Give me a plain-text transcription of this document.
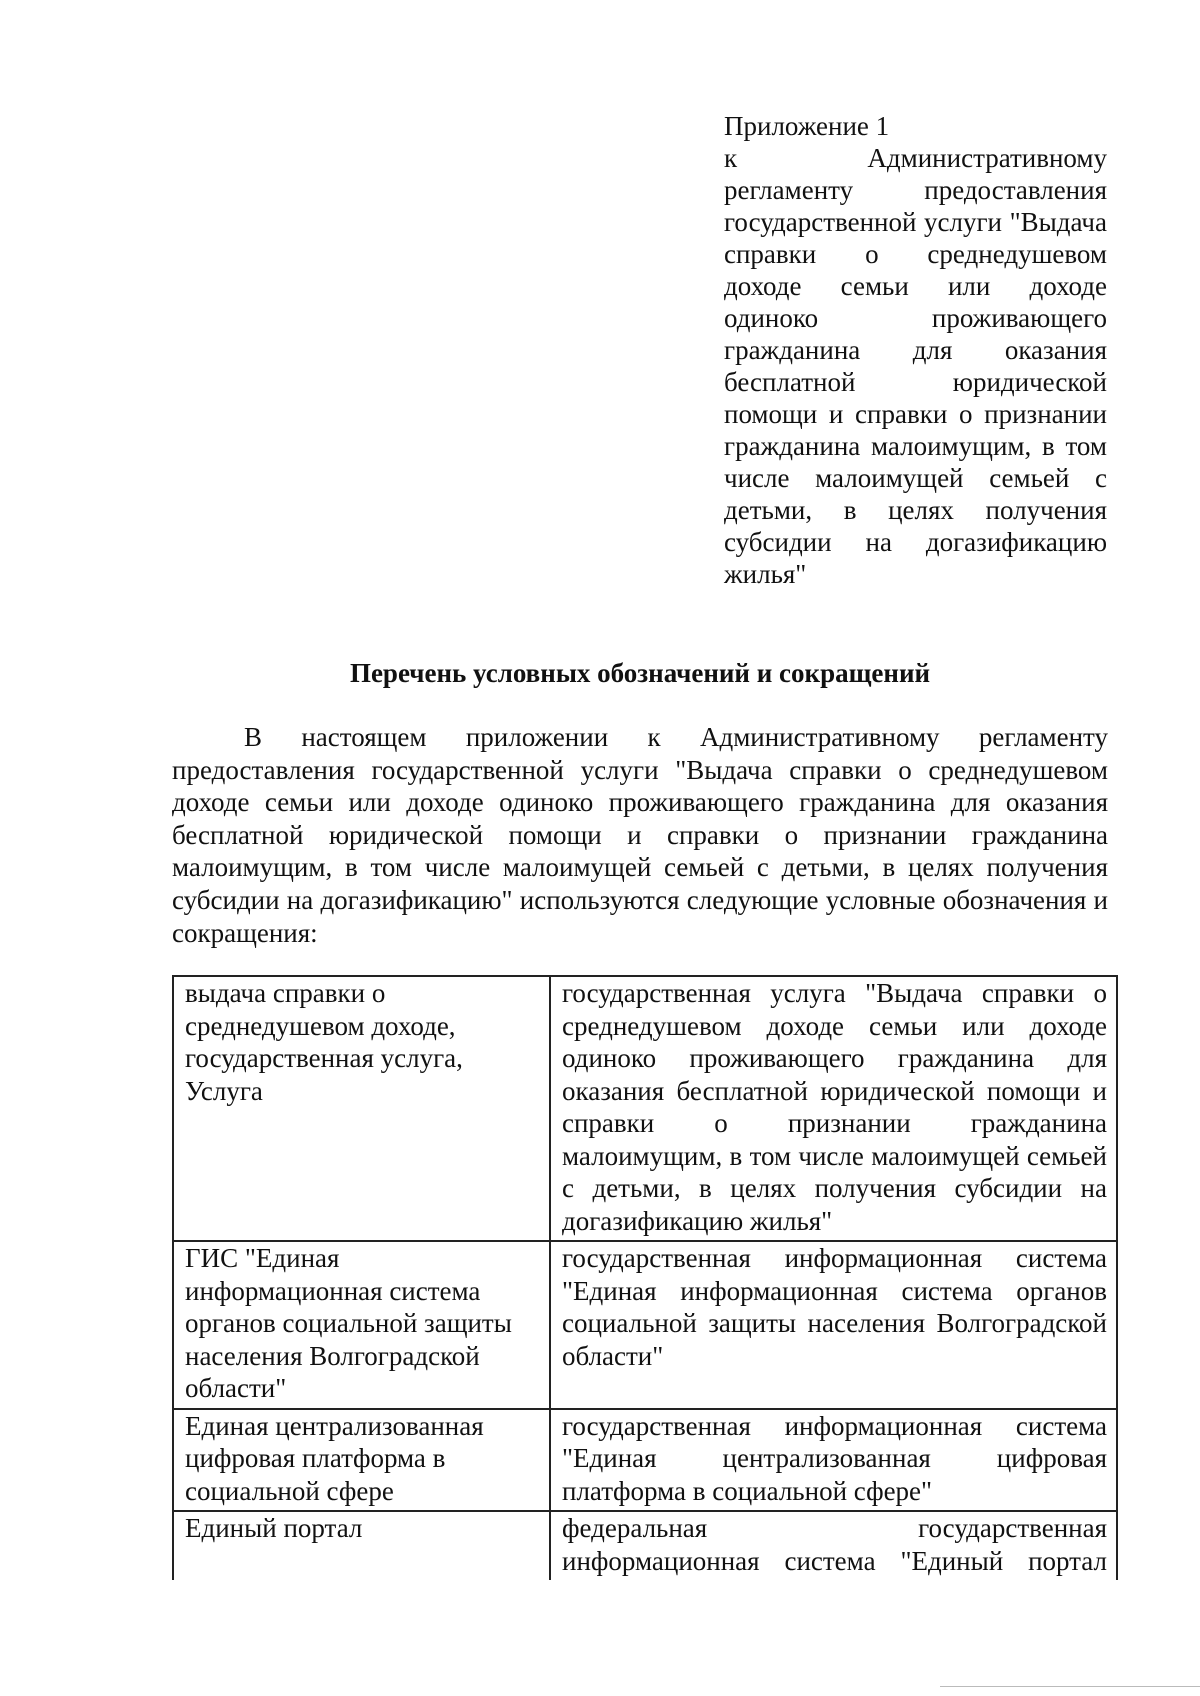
Приложение 1
к Административному регламенту предоставления государственной услуги "Выдача справки о среднедушевом доходе семьи или доходе одиноко проживающего гражданина для оказания бесплатной юридической помощи и справки о признании гражданина малоимущим, в том числе малоимущей семьей с детьми, в целях получения субсидии на догазификацию жилья"
Перечень условных обозначений и сокращений
В настоящем приложении к Административному регламенту предоставления государственной услуги "Выдача справки о среднедушевом доходе семьи или доходе одиноко проживающего гражданина для оказания бесплатной юридической помощи и справки о признании гражданина малоимущим, в том числе малоимущей семьей с детьми, в целях получения субсидии на догазификацию" используются следующие условные обозначения и сокращения:
выдача справки о среднедушевом доходе, государственная услуга, Услуга	государственная услуга "Выдача справки о среднедушевом доходе семьи или доходе одиноко проживающего гражданина для оказания бесплатной юридической помощи и справки о признании гражданина малоимущим, в том числе малоимущей семьей с детьми, в целях получения субсидии на догазификацию жилья"
ГИС "Единая информационная система органов социальной защиты населения Волгоградской области"	государственная информационная система "Единая информационная система органов социальной защиты населения Волгоградской области"
Единая централизованная цифровая платформа в социальной сфере	государственная информационная система "Единая централизованная цифровая платформа в социальной сфере"
Единый портал	федеральная государственная информационная система "Единый портал
